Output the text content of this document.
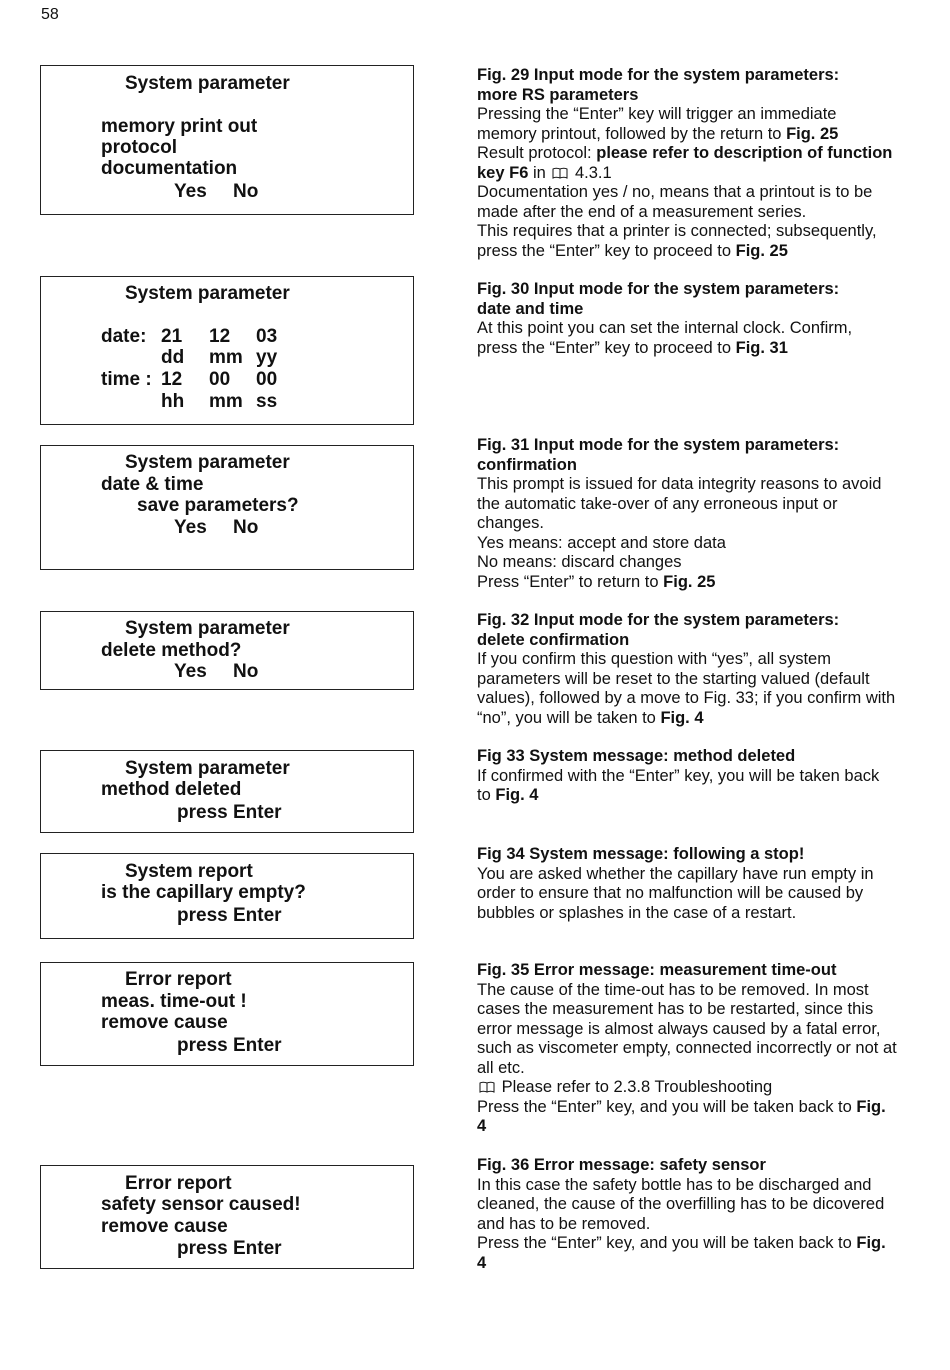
58
System parameter
memory print out
protocol
documentation
Yes No
System parameter
date: 21 12 03
dd mm yy
time : 12 00 00
hh mm ss
System parameter
date & time
save parameters?
Yes No
System parameter
delete method?
Yes No
System parameter
method deleted
press Enter
System report
is the capillary empty?
press Enter
Error report
meas. time-out !
remove cause
press Enter
Error report
safety sensor caused!
remove cause
press Enter

Fig. 29 Input mode for the system parameters:

more RS parameters

Pressing the “Enter” key will trigger an immediate memory printout, followed by the return to Fig. 25

Result protocol: please refer to description of function key F6 in  4.3.1

Documentation yes / no, means that a printout is to be made after the end of a measurement series.

This requires that a printer is connected; subsequently, press the “Enter” key to proceed to Fig. 25

Fig. 30 Input mode for the system parameters:

date and time

At this point you can set the internal clock. Confirm, press the “Enter” key to proceed to Fig. 31

Fig. 31 Input mode for the system parameters:

confirmation

This prompt is issued for data integrity reasons to avoid the automatic take-over of any erroneous input or changes.

Yes means: accept and store data

No means: discard changes

Press “Enter” to return to Fig. 25

Fig. 32 Input mode for the system parameters:

delete confirmation

If you confirm this question with “yes”, all system parameters will be reset to the starting valued (default values), followed by a move to Fig. 33; if you confirm with “no”, you will be taken to Fig. 4

Fig 33 System message: method deleted

If confirmed with the “Enter” key, you will be taken back to Fig. 4

Fig 34 System message: following a stop!

You are asked whether the capillary have run empty in order to ensure that no malfunction will be caused by bubbles or splashes in the case of a restart.

Fig. 35 Error message: measurement time-out

The cause of the time-out has to be removed. In most cases the measurement has to be restarted, since this error message is almost always caused by a fatal error, such as viscometer empty, connected incorrectly or not at all etc.

Please refer to 2.3.8 Troubleshooting

Press the “Enter” key, and you will be taken back to Fig. 4

Fig. 36 Error message: safety sensor

In this case the safety bottle has to be discharged and cleaned, the cause of the overfilling has to be dicovered and has to be removed.

Press the “Enter” key, and you will be taken back to Fig. 4
